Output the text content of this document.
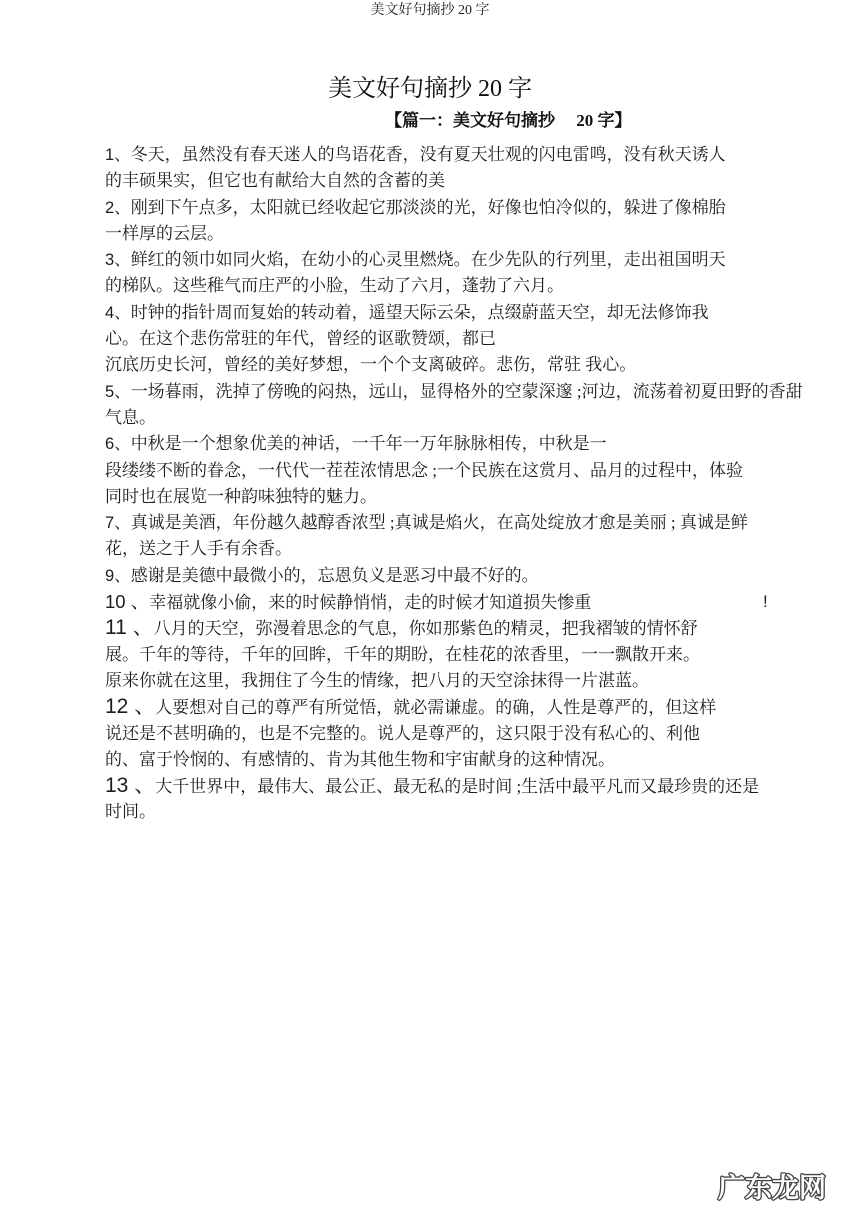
美文好句摘抄 20 字
美文好句摘抄 20 字
【篇一：美文好句摘抄　 20 字】
1、冬天，虽然没有春天迷人的鸟语花香，没有夏天壮观的闪电雷鸣，没有秋天诱人
的丰硕果实，但它也有献给大自然的含蓄的美
2、刚到下午点多，太阳就已经收起它那淡淡的光，好像也怕冷似的，躲进了像棉胎
一样厚的云层。
3、鲜红的领巾如同火焰，在幼小的心灵里燃烧。在少先队的行列里，走出祖国明天
的梯队。这些稚气而庄严的小脸，生动了六月，蓬勃了六月。
4、时钟的指针周而复始的转动着，遥望天际云朵，点缀蔚蓝天空，却无法修饰我
心。在这个悲伤常驻的年代，曾经的讴歌赞颂，都已
沉底历史长河，曾经的美好梦想，一个个支离破碎。悲伤，常驻 我心。
5、一场暮雨，洗掉了傍晚的闷热，远山，显得格外的空蒙深邃 ;河边，流荡着初夏田野的香甜
气息。
6、中秋是一个想象优美的神话，一千年一万年脉脉相传，中秋是一
段缕缕不断的眷念，一代代一茬茬浓情思念 ;一个民族在这赏月、品月的过程中，体验
同时也在展览一种韵味独特的魅力。
7、真诚是美酒，年份越久越醇香浓型 ;真诚是焰火，在高处绽放才愈是美丽 ; 真诚是鲜
花，送之于人手有余香。
9、感谢是美德中最微小的，忘恩负义是恶习中最不好的。
10 、幸福就像小偷，来的时候静悄悄，走的时候才知道损失惨重	!
11 、八月的天空，弥漫着思念的气息，你如那紫色的精灵，把我褶皱的情怀舒
展。千年的等待，千年的回眸，千年的期盼，在桂花的浓香里，一一飘散开来。
原来你就在这里，我拥住了今生的情缘，把八月的天空涂抹得一片湛蓝。
12 、人要想对自己的尊严有所觉悟，就必需谦虚。的确，人性是尊严的，但这样
说还是不甚明确的，也是不完整的。说人是尊严的，这只限于没有私心的、利他
的、富于怜悯的、有感情的、肯为其他生物和宇宙献身的这种情况。
13 、大千世界中，最伟大、最公正、最无私的是时间 ;生活中最平凡而又最珍贵的还是
时间。
广东龙网
